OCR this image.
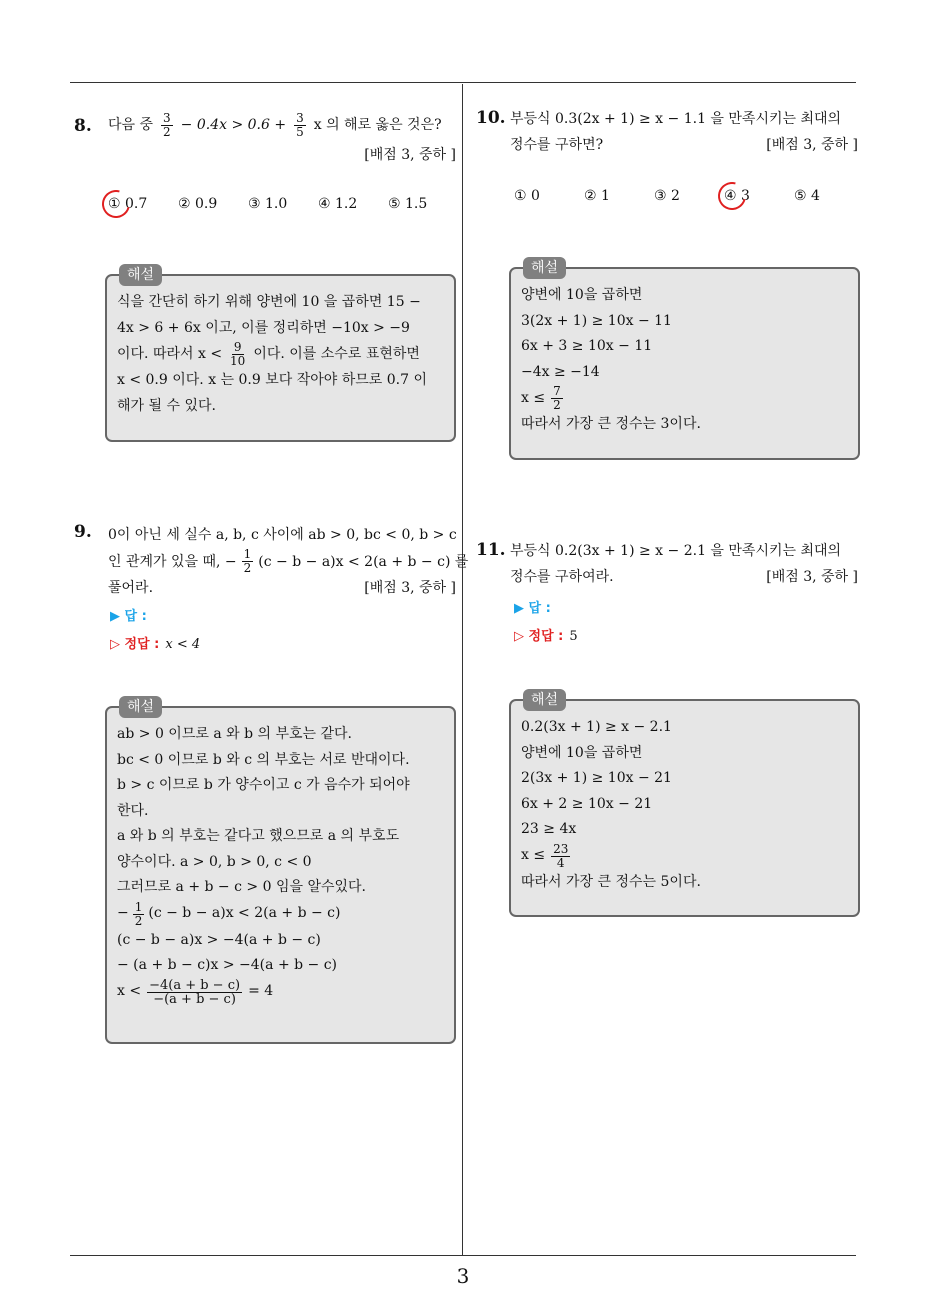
3
8. 다음 중 $\frac{3}{2} - 0.4x > 0.6 + \frac{3}{5}$ x 의 해로 옳은 것은?
[배점 3, 중하 ]
① 0.7	② 0.9	③ 1.0	④ 1.2	⑤ 1.5
해설
식을 간단히 하기 위해 양변에 10 을 곱하면 15 −
4x > 6 + 6x 이고, 이를 정리하면 −10x > −9
이다. 따라서 $x < \frac{9}{10}$ 이다. 이를 소수로 표현하면
x < 0.9 이다. x 는 0.9 보다 작아야 하므로 0.7 이
해가 될 수 있다.
9. 0이 아닌 세 실수 a, b, c 사이에 ab > 0, bc < 0, b > c
인 관계가 있을 때, − $\frac{1}{2} (c - b - a)x < 2(a + b - c)$ 를
풀어라.	[배점 3, 중하 ]
▶ 답 :
▷ 정답 : x < 4
해설
ab > 0 이므로 a 와 b 의 부호는 같다.
bc < 0 이므로 b 와 c 의 부호는 서로 반대이다.
b > c 이므로 b 가 양수이고 c 가 음수가 되어야
한다.
a 와 b 의 부호는 같다고 했으므로 a 의 부호도
양수이다. a > 0, b > 0, c < 0
그러므로 a + b − c > 0 임을 알수있다.
− $\frac{1}{2} (c - b - a)x < 2(a + b - c)$
(c − b − a)x > −4(a + b − c)
− (a + b − c)x > −4(a + b − c)
$x < \frac{-4(a + b - c)}{-(a + b - c)} = 4$
10. 부등식 0.3(2x + 1) ≥ x − 1.1 을 만족시키는 최대의
정수를 구하면?	[배점 3, 중하 ]
① 0	② 1	③ 2	④ 3	⑤ 4
해설
양변에 10을 곱하면
3(2x + 1) ≥ 10x − 11
6x + 3 ≥ 10x − 11
−4x ≥ −14
$x \le \frac{7}{2}$
따라서 가장 큰 정수는 3이다.
11. 부등식 0.2(3x + 1) ≥ x − 2.1 을 만족시키는 최대의
정수를 구하여라.	[배점 3, 중하 ]
▶ 답 :
▷ 정답 : 5
해설
0.2(3x + 1) ≥ x − 2.1
양변에 10을 곱하면
2(3x + 1) ≥ 10x − 21
6x + 2 ≥ 10x − 21
23 ≥ 4x
$x \le \frac{23}{4}$
따라서 가장 큰 정수는 5이다.
